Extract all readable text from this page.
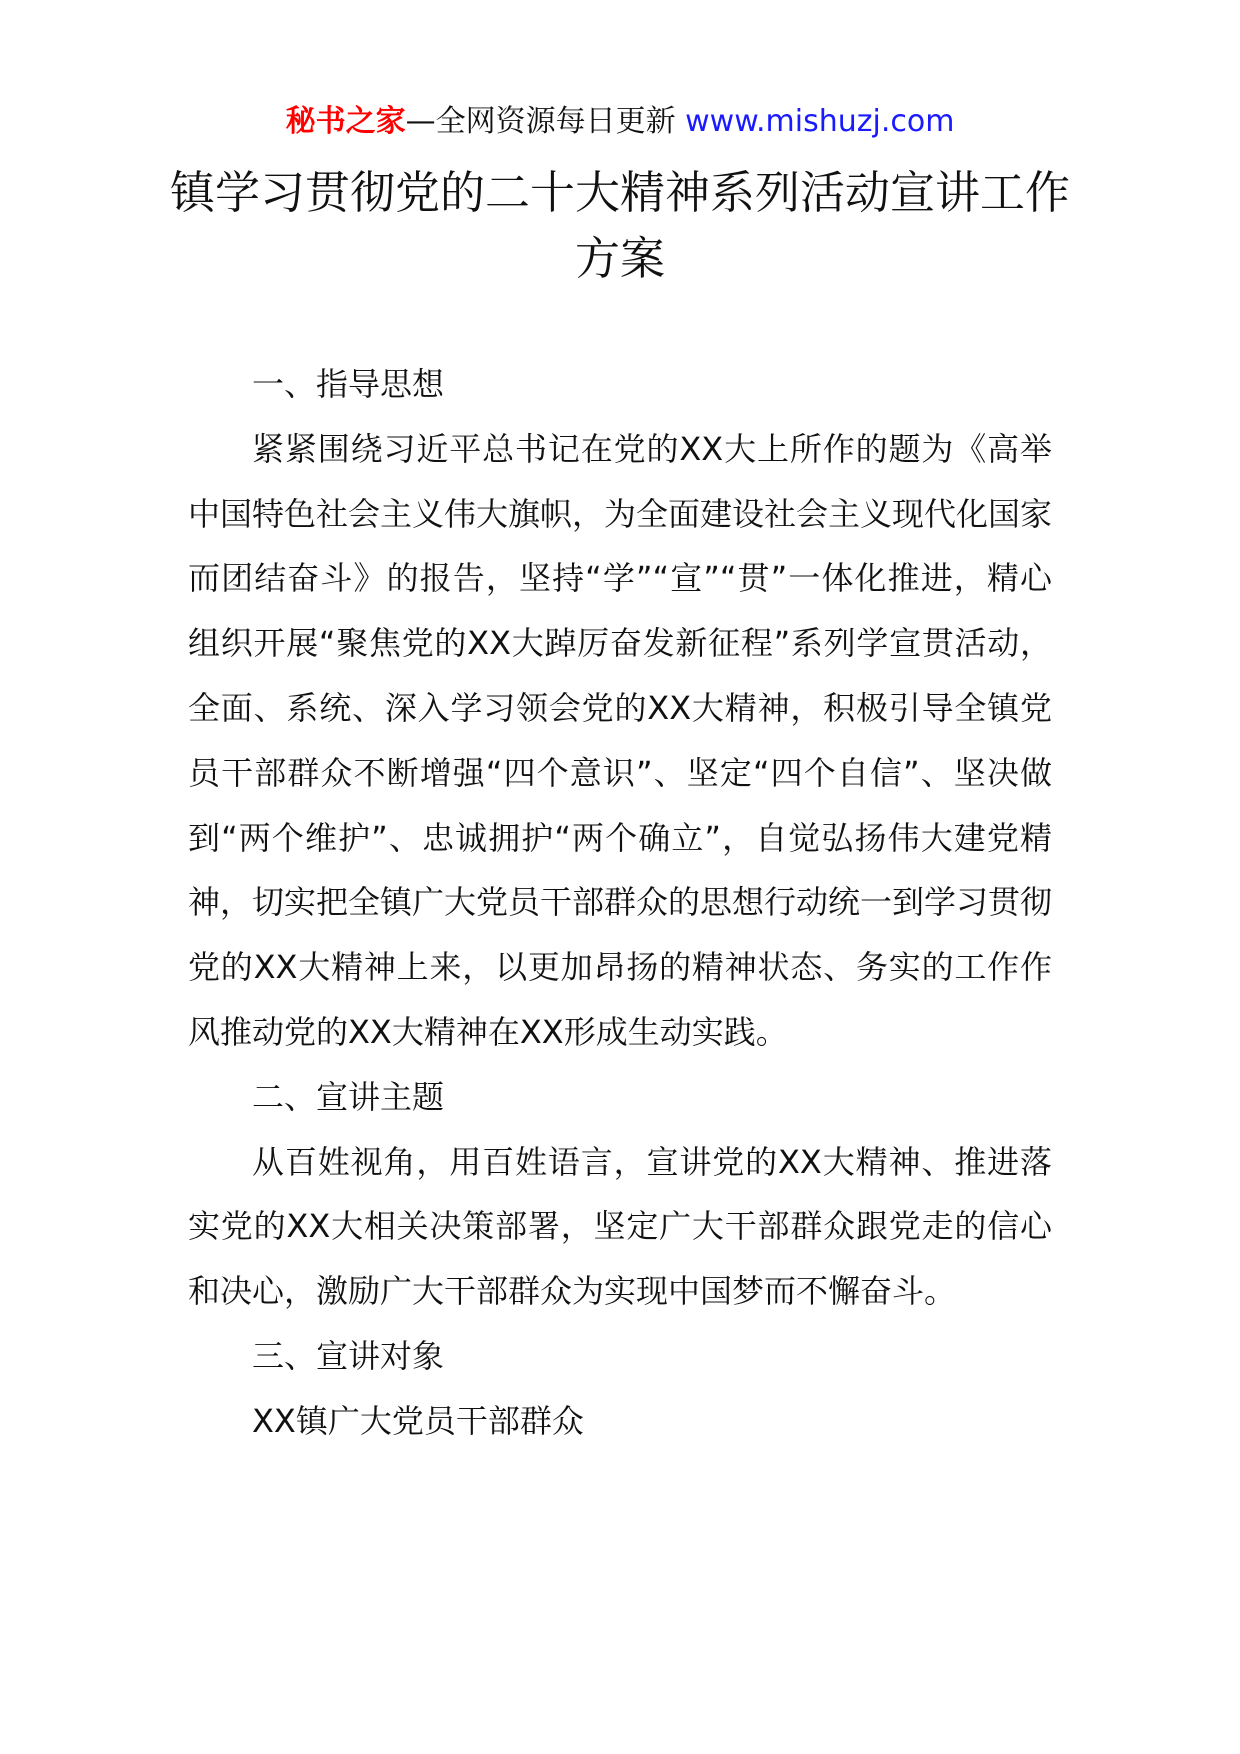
秘书之家—全网资源每日更新 www.mishuzj.com
镇学习贯彻党的二十大精神系列活动宣讲工作方案

一、指导思想

紧紧围绕习近平总书记在党的XX大上所作的题为《高举中国特色社会主义伟大旗帜，为全面建设社会主义现代化国家而团结奋斗》的报告，坚持“学”“宣”“贯”一体化推进，精心组织开展“聚焦党的XX大踔厉奋发新征程”系列学宣贯活动，全面、系统、深入学习领会党的XX大精神，积极引导全镇党员干部群众不断增强“四个意识”、坚定“四个自信”、坚决做到“两个维护”、忠诚拥护“两个确立”，自觉弘扬伟大建党精神，切实把全镇广大党员干部群众的思想行动统一到学习贯彻党的XX大精神上来，以更加昂扬的精神状态、务实的工作作风推动党的XX大精神在XX形成生动实践。

二、宣讲主题

从百姓视角，用百姓语言，宣讲党的XX大精神、推进落实党的XX大相关决策部署，坚定广大干部群众跟党走的信心和决心，激励广大干部群众为实现中国梦而不懈奋斗。

三、宣讲对象

XX镇广大党员干部群众
